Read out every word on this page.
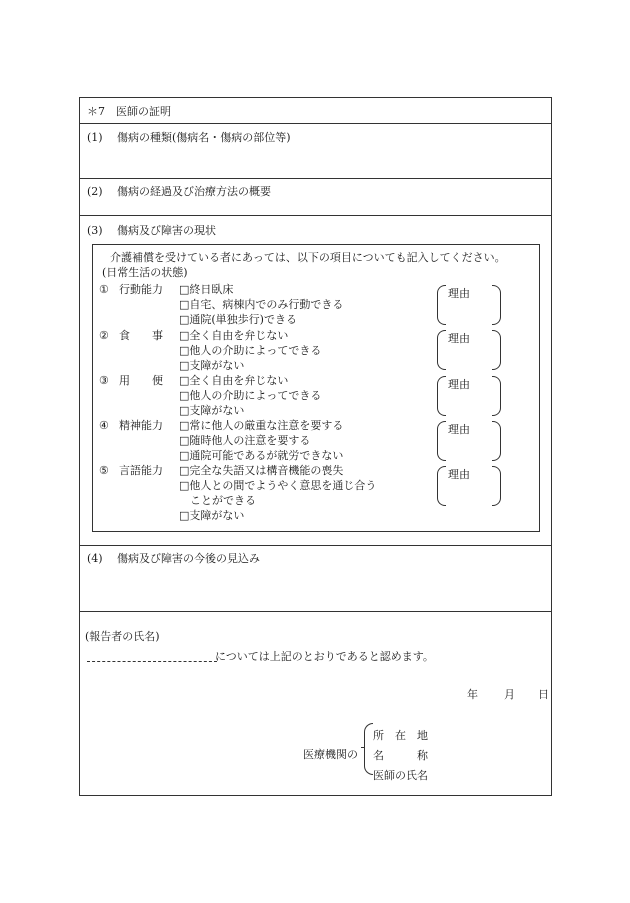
＊7　医師の証明
(1) 傷病の種類(傷病名・傷病の部位等)
(2) 傷病の経過及び治療方法の概要
(3) 傷病及び障害の現状
介護補償を受けている者にあっては、以下の項目についても記入してください。
(日常生活の状態)
① 行動能力 □終日臥床
□自宅、病棟内でのみ行動できる
□通院(単独歩行)できる
理由
② 食　　事 □全く自由を弁じない
□他人の介助によってできる
□支障がない
理由
③ 用　　便 □全く自由を弁じない
□他人の介助によってできる
□支障がない
理由
④ 精神能力 □常に他人の厳重な注意を要する
□随時他人の注意を要する
□通院可能であるが就労できない
理由
⑤ 言語能力 □完全な失語又は構音機能の喪失
□他人との間でようやく意思を通じ合う
　ことができる
□支障がない
理由
(4) 傷病及び障害の今後の見込み
(報告者の氏名)
については上記のとおりであると認めます。
年 月 日
医療機関の
所　在　地
名　　　称
医師の氏名
